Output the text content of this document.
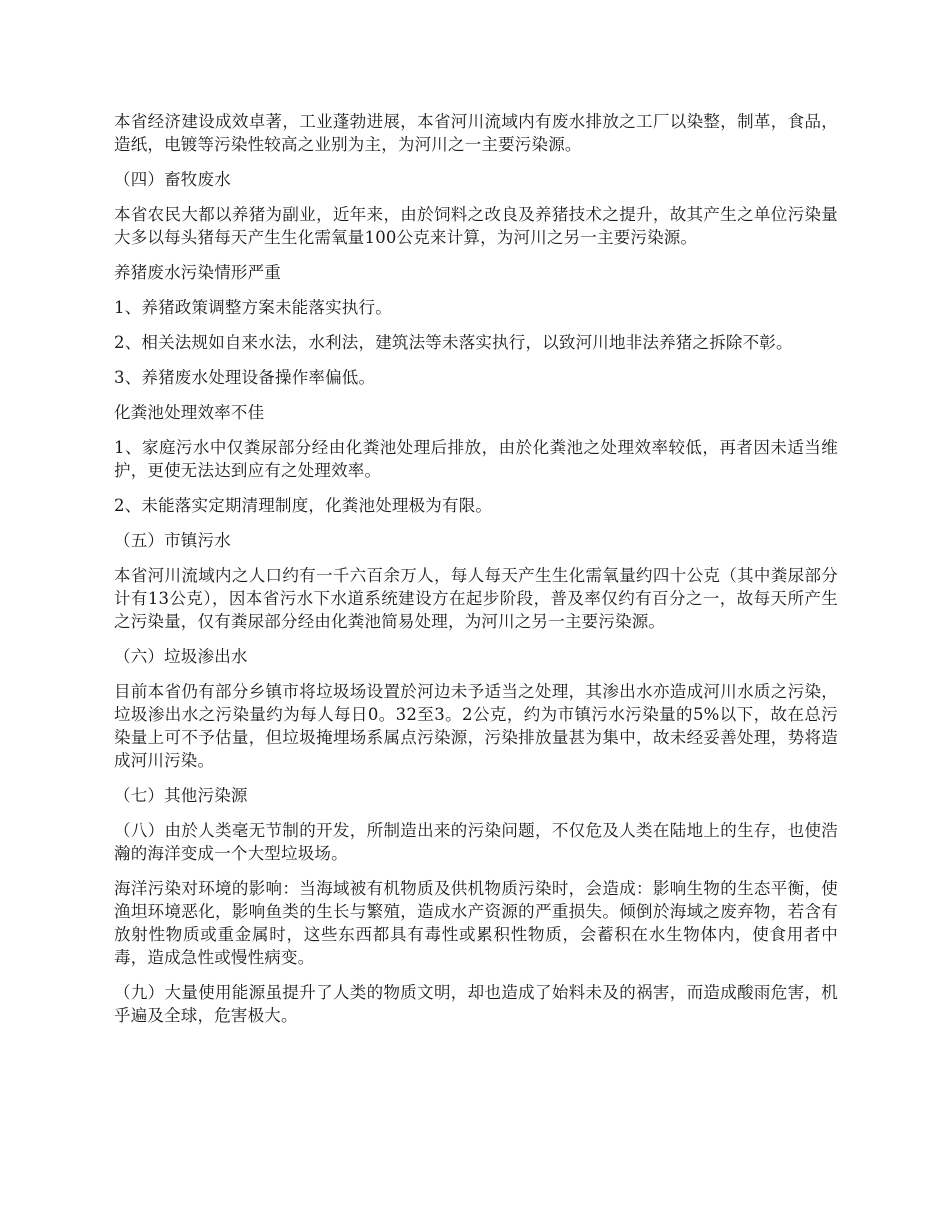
本省经济建设成效卓著，工业蓬勃进展，本省河川流域内有废水排放之工厂以染整，制革，食品，造纸，电镀等污染性较高之业别为主，为河川之一主要污染源。

（四）畜牧废水

本省农民大都以养猪为副业，近年来，由於饲料之改良及养猪技术之提升，故其产生之单位污染量大多以每头猪每天产生生化需氧量100公克来计算，为河川之另一主要污染源。

养猪废水污染情形严重

1、养猪政策调整方案未能落实执行。

2、相关法规如自来水法，水利法，建筑法等未落实执行，以致河川地非法养猪之拆除不彰。

3、养猪废水处理设备操作率偏低。

化粪池处理效率不佳

1、家庭污水中仅粪尿部分经由化粪池处理后排放，由於化粪池之处理效率较低，再者因未适当维护，更使无法达到应有之处理效率。

2、未能落实定期清理制度，化粪池处理极为有限。

（五）市镇污水

本省河川流域内之人口约有一千六百余万人，每人每天产生生化需氧量约四十公克（其中粪尿部分计有13公克），因本省污水下水道系统建设方在起步阶段，普及率仅约有百分之一，故每天所产生之污染量，仅有粪尿部分经由化粪池简易处理，为河川之另一主要污染源。

（六）垃圾渗出水

目前本省仍有部分乡镇市将垃圾场设置於河边未予适当之处理，其渗出水亦造成河川水质之污染，垃圾渗出水之污染量约为每人每日0。32至3。2公克，约为市镇污水污染量的5%以下，故在总污染量上可不予估量，但垃圾掩埋场系属点污染源，污染排放量甚为集中，故未经妥善处理，势将造成河川污染。

（七）其他污染源

（八）由於人类毫无节制的开发，所制造出来的污染问题，不仅危及人类在陆地上的生存，也使浩瀚的海洋变成一个大型垃圾场。

海洋污染对环境的影响：当海域被有机物质及供机物质污染时，会造成：影响生物的生态平衡，使渔坦环境恶化，影响鱼类的生长与繁殖，造成水产资源的严重损失。倾倒於海域之废弃物，若含有放射性物质或重金属时，这些东西都具有毒性或累积性物质，会蓄积在水生物体内，使食用者中毒，造成急性或慢性病变。

（九）大量使用能源虽提升了人类的物质文明，却也造成了始料未及的祸害，而造成酸雨危害，机乎遍及全球，危害极大。
